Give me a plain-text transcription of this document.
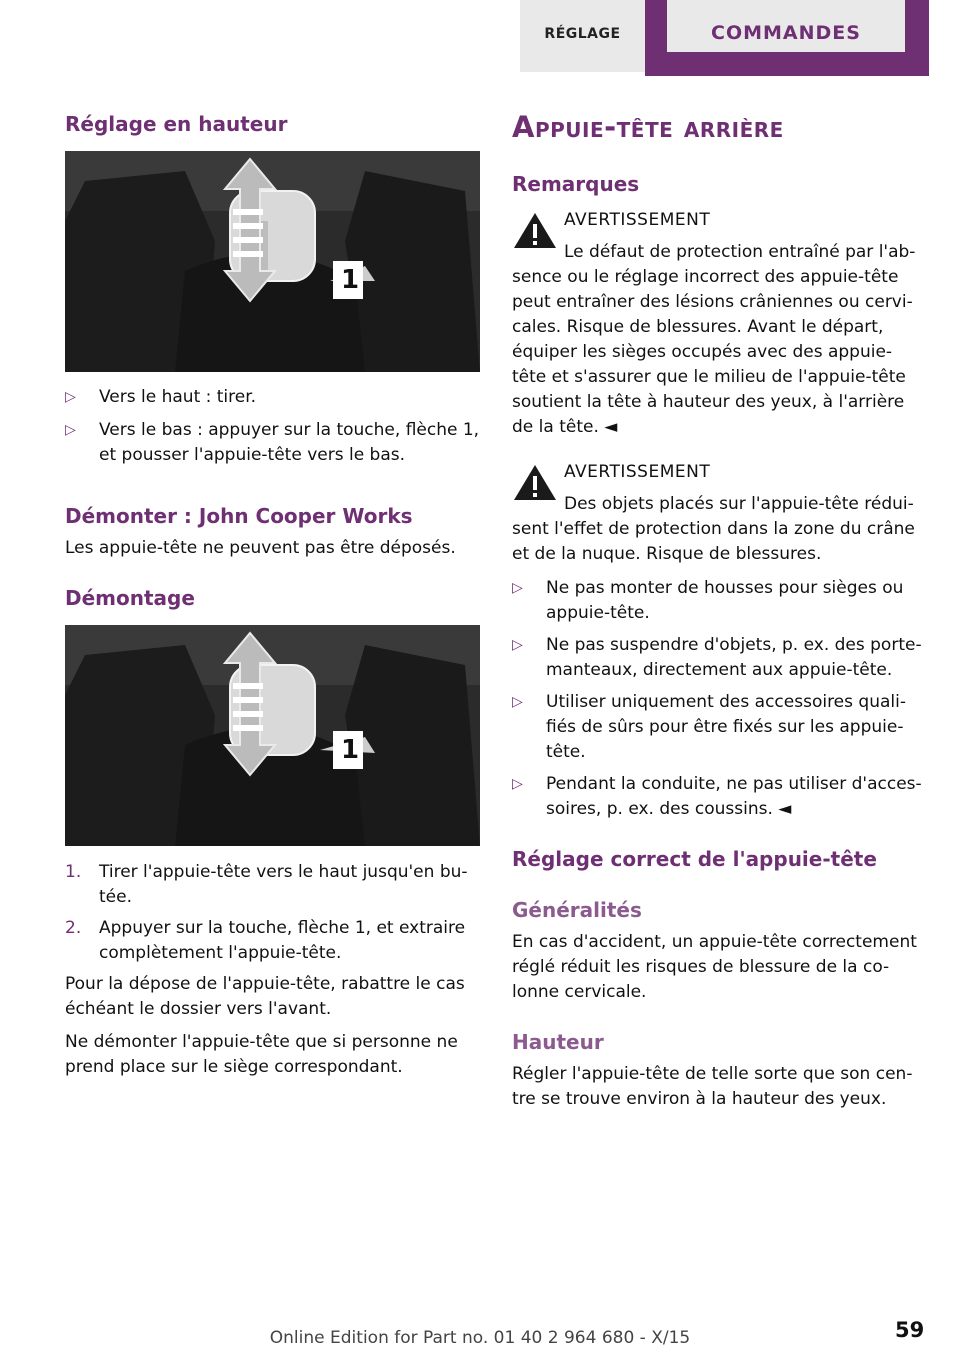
RÉGLAGE	COMMANDES
Réglage en hauteur
1
▷ Vers le haut : tirer.
▷ Vers le bas : appuyer sur la touche, flèche 1,
et pousser l'appuie-tête vers le bas.
Démonter : John Cooper Works
Les appuie-tête ne peuvent pas être déposés.
Démontage
1
1. Tirer l'appuie-tête vers le haut jusqu'en bu-
tée.
2. Appuyer sur la touche, flèche 1, et extraire
complètement l'appuie-tête.
Pour la dépose de l'appuie-tête, rabattre le cas
échéant le dossier vers l'avant.
Ne démonter l'appuie-tête que si personne ne
prend place sur le siège correspondant.
Appuie-tête arrière
Remarques
AVERTISSEMENT
Le défaut de protection entraîné par l'ab-
sence ou le réglage incorrect des appuie-tête
peut entraîner des lésions crâniennes ou cervi-
cales. Risque de blessures. Avant le départ,
équiper les sièges occupés avec des appuie-
tête et s'assurer que le milieu de l'appuie-tête
soutient la tête à hauteur des yeux, à l'arrière
de la tête. ◄
AVERTISSEMENT
Des objets placés sur l'appuie-tête rédui-
sent l'effet de protection dans la zone du crâne
et de la nuque. Risque de blessures.
▷ Ne pas monter de housses pour sièges ou
appuie-tête.
▷ Ne pas suspendre d'objets, p. ex. des porte-
manteaux, directement aux appuie-tête.
▷ Utiliser uniquement des accessoires quali-
fiés de sûrs pour être fixés sur les appuie-
tête.
▷ Pendant la conduite, ne pas utiliser d'acces-
soires, p. ex. des coussins. ◄
Réglage correct de l'appuie-tête
Généralités
En cas d'accident, un appuie-tête correctement
réglé réduit les risques de blessure de la co-
lonne cervicale.
Hauteur
Régler l'appuie-tête de telle sorte que son cen-
tre se trouve environ à la hauteur des yeux.
Online Edition for Part no. 01 40 2 964 680 - X/15	59
